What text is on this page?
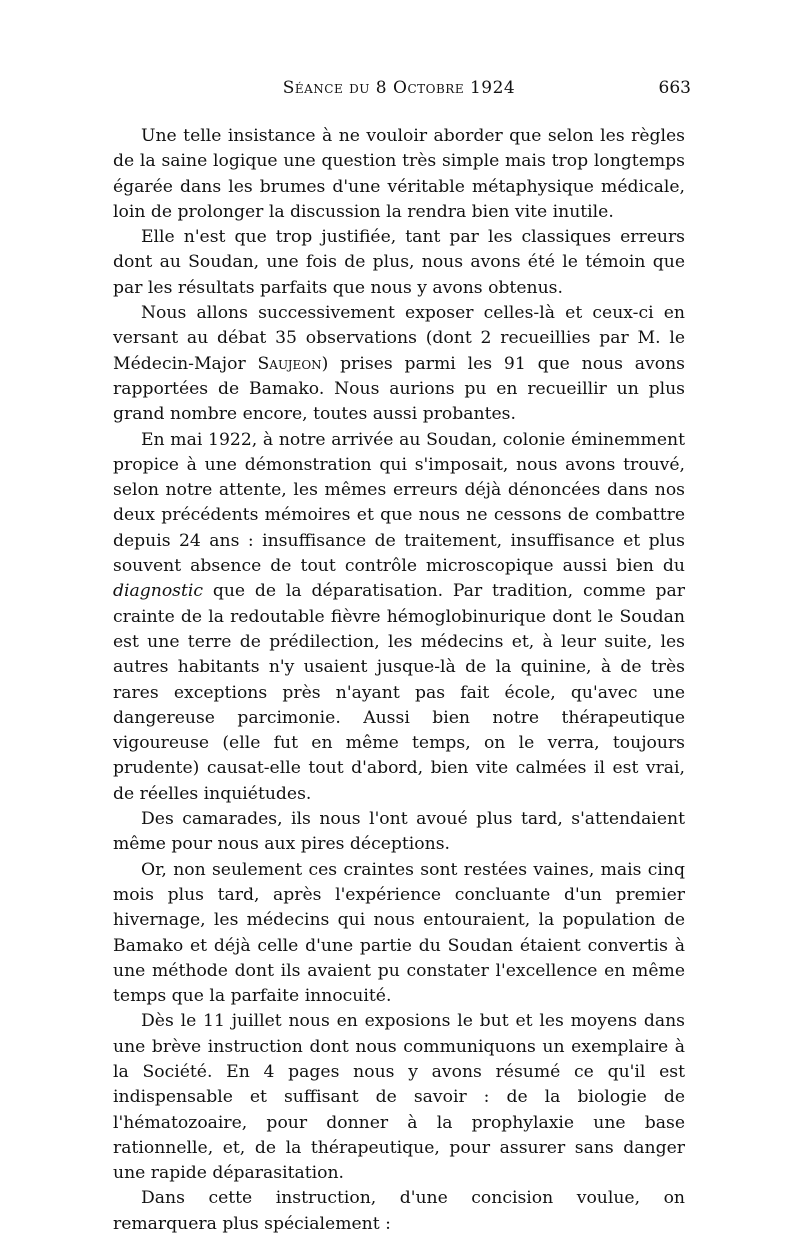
Séance du 8 Octobre 1924	663

Une telle insistance à ne vouloir aborder que selon les règles de la saine logique une question très simple mais trop longtemps égarée dans les brumes d'une véritable métaphysique médicale, loin de prolonger la discussion la rendra bien vite inutile.

Elle n'est que trop justifiée, tant par les classiques erreurs dont au Soudan, une fois de plus, nous avons été le témoin que par les résultats parfaits que nous y avons obtenus.

Nous allons successivement exposer celles-là et ceux-ci en versant au débat 35 observations (dont 2 recueillies par M. le Médecin-Major Saujeon) prises parmi les 91 que nous avons rapportées de Bamako. Nous aurions pu en recueillir un plus grand nombre encore, toutes aussi probantes.

En mai 1922, à notre arrivée au Soudan, colonie éminemment propice à une démonstration qui s'imposait, nous avons trouvé, selon notre attente, les mêmes erreurs déjà dénoncées dans nos deux précédents mémoires et que nous ne cessons de combattre depuis 24 ans : insuffisance de traitement, insuffisance et plus souvent absence de tout contrôle microscopique aussi bien du diagnostic que de la déparatisation. Par tradition, comme par crainte de la redoutable fièvre hémoglobinurique dont le Soudan est une terre de prédilection, les médecins et, à leur suite, les autres habitants n'y usaient jusque-là de la quinine, à de très rares exceptions près n'ayant pas fait école, qu'avec une dangereuse parcimonie. Aussi bien notre thérapeutique vigoureuse (elle fut en même temps, on le verra, toujours prudente) causat-elle tout d'abord, bien vite calmées il est vrai, de réelles inquiétudes.

Des camarades, ils nous l'ont avoué plus tard, s'attendaient même pour nous aux pires déceptions.

Or, non seulement ces craintes sont restées vaines, mais cinq mois plus tard, après l'expérience concluante d'un premier hivernage, les médecins qui nous entouraient, la population de Bamako et déjà celle d'une partie du Soudan étaient convertis à une méthode dont ils avaient pu constater l'excellence en même temps que la parfaite innocuité.

Dès le 11 juillet nous en exposions le but et les moyens dans une brève instruction dont nous communiquons un exemplaire à la Société. En 4 pages nous y avons résumé ce qu'il est indispensable et suffisant de savoir : de la biologie de l'hématozoaire, pour donner à la prophylaxie une base rationnelle, et, de la thérapeutique, pour assurer sans danger une rapide déparasitation.

Dans cette instruction, d'une concision voulue, on remarquera plus spécialement :
